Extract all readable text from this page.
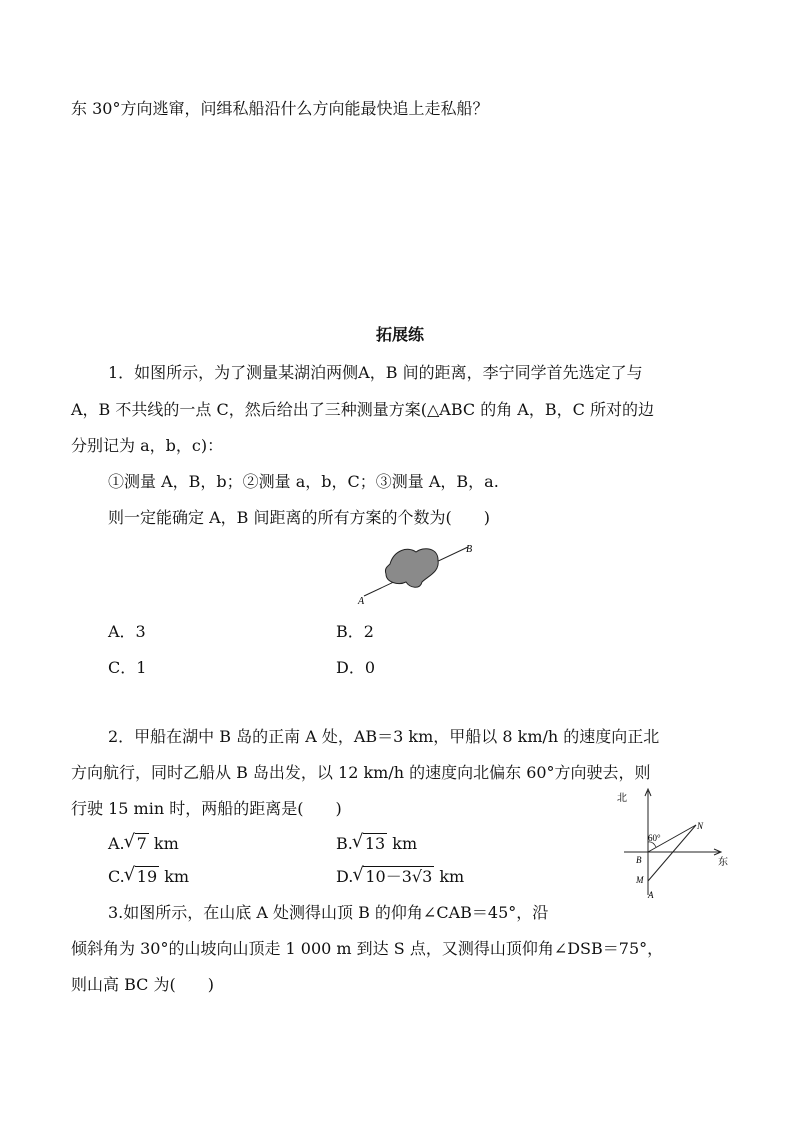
东 30°方向逃窜，问缉私船沿什么方向能最快追上走私船？
拓展练
1．如图所示，为了测量某湖泊两侧A，B 间的距离，李宁同学首先选定了与
A，B 不共线的一点 C，然后给出了三种测量方案(△ABC 的角 A，B，C 所对的边
分别记为 a，b，c)：
①测量 A，B，b；②测量 a，b，C；③测量 A，B，a.
则一定能确定 A，B 间距离的所有方案的个数为(　　)
A
B
A．3	B．2
C．1	D．0
2．甲船在湖中 B 岛的正南 A 处，AB＝3 km，甲船以 8 km/h 的速度向正北
方向航行，同时乙船从 B 岛出发，以 12 km/h 的速度向北偏东 60°方向驶去，则
行驶 15 min 时，两船的距离是(　　)
A. √ 7 km	B. √ 13 km
C. √ 19 km	D. √ 10－3√3 km
北
东
60°
N
B
M
A
3.如图所示，在山底 A 处测得山顶 B 的仰角∠CAB＝45°，沿
倾斜角为 30°的山坡向山顶走 1 000 m 到达 S 点，又测得山顶仰角∠DSB＝75°，
则山高 BC 为(　　)
